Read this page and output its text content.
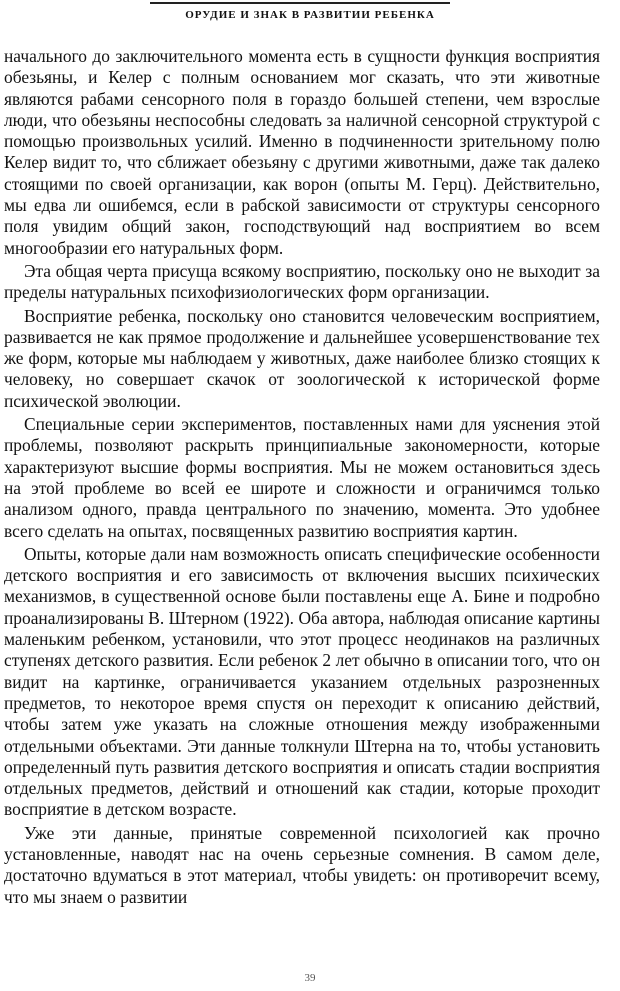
ОРУДИЕ И ЗНАК В РАЗВИТИИ РЕБЕНКА

начального до заключительного момента есть в сущности функция восприятия обезьяны, и Келер с полным основанием мог сказать, что эти животные являются рабами сенсорного поля в гораздо большей степени, чем взрослые люди, что обезьяны неспособны следовать за наличной сенсорной структурой с помощью произвольных усилий. Именно в подчиненности зрительному полю Келер видит то, что сближает обезьяну с другими животными, даже так далеко стоящими по своей организации, как ворон (опыты М. Герц). Действительно, мы едва ли ошибемся, если в рабской зависимости от структуры сенсорного поля увидим общий закон, господствующий над восприятием во всем многообразии его натуральных форм.

Эта общая черта присуща всякому восприятию, поскольку оно не выходит за пределы натуральных психофизиологических форм организации.

Восприятие ребенка, поскольку оно становится человеческим восприятием, развивается не как прямое продолжение и дальнейшее усовершенствование тех же форм, которые мы наблюдаем у животных, даже наиболее близко стоящих к человеку, но совершает скачок от зоологической к исторической форме психической эволюции.

Специальные серии экспериментов, поставленных нами для уяснения этой проблемы, позволяют раскрыть принципиальные закономерности, которые характеризуют высшие формы восприятия. Мы не можем остановиться здесь на этой проблеме во всей ее широте и сложности и ограничимся только анализом одного, правда центрального по значению, момента. Это удобнее всего сделать на опытах, посвященных развитию восприятия картин.

Опыты, которые дали нам возможность описать специфические особенности детского восприятия и его зависимость от включения высших психических механизмов, в существенной основе были поставлены еще А. Бине и подробно проанализированы В. Штерном (1922). Оба автора, наблюдая описание картины маленьким ребенком, установили, что этот процесс неодинаков на различных ступенях детского развития. Если ребенок 2 лет обычно в описании того, что он видит на картинке, ограничивается указанием отдельных разрозненных предметов, то некоторое время спустя он переходит к описанию действий, чтобы затем уже указать на сложные отношения между изображенными отдельными объектами. Эти данные толкнули Штерна на то, чтобы установить определенный путь развития детского восприятия и описать стадии восприятия отдельных предметов, действий и отношений как стадии, которые проходит восприятие в детском возрасте.

Уже эти данные, принятые современной психологией как прочно установленные, наводят нас на очень серьезные сомнения. В самом деле, достаточно вдуматься в этот материал, чтобы увидеть: он противоречит всему, что мы знаем о развитии

39
